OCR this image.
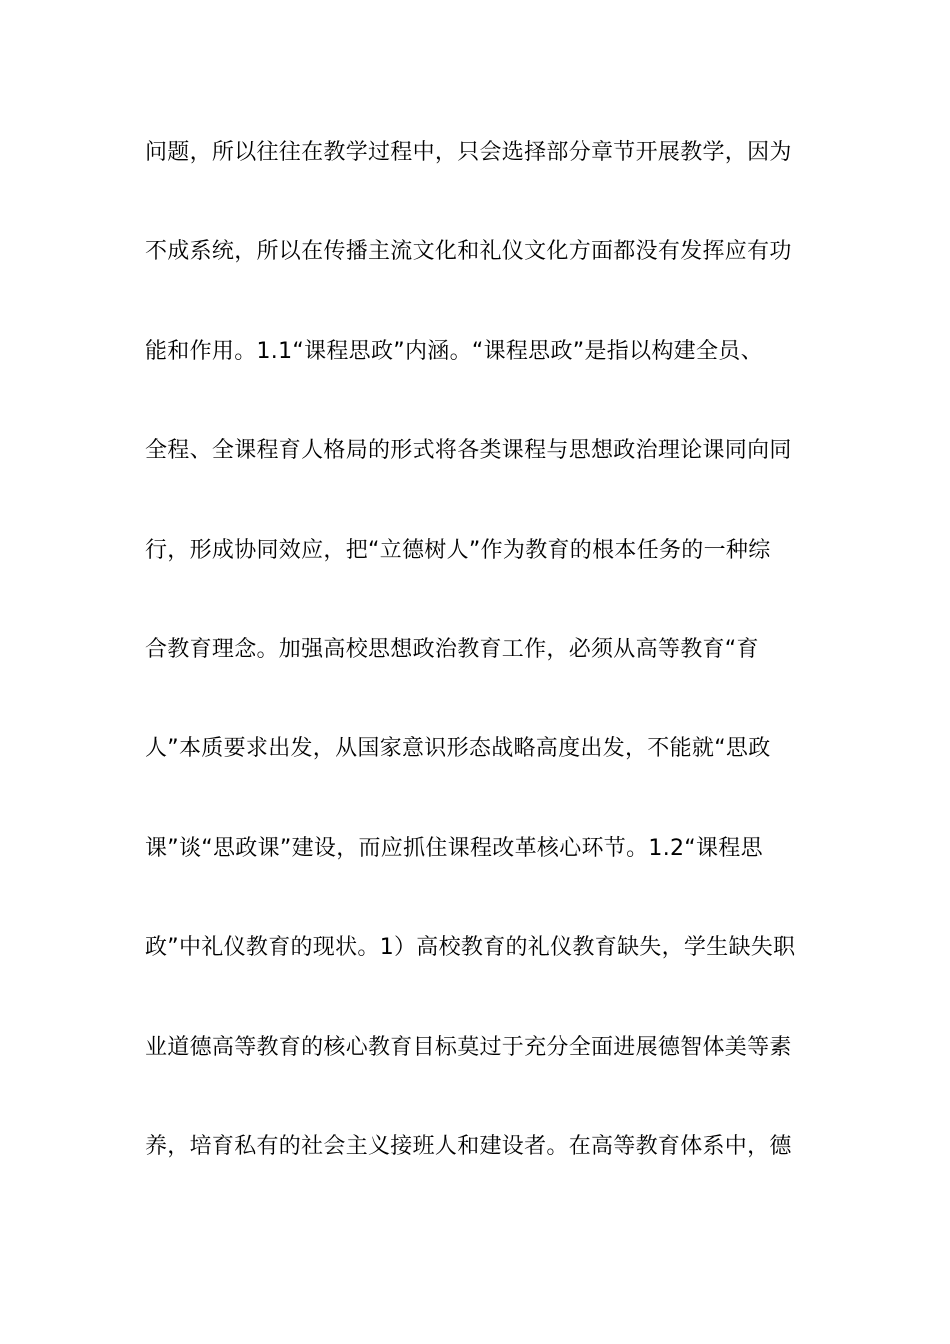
问题，所以往往在教学过程中，只会选择部分章节开展教学，因为
不成系统，所以在传播主流文化和礼仪文化方面都没有发挥应有功
能和作用。1.1“课程思政”内涵。“课程思政”是指以构建全员、
全程、全课程育人格局的形式将各类课程与思想政治理论课同向同
行，形成协同效应，把“立德树人”作为教育的根本任务的一种综
合教育理念。加强高校思想政治教育工作，必须从高等教育“育
人”本质要求出发，从国家意识形态战略高度出发，不能就“思政
课”谈“思政课”建设，而应抓住课程改革核心环节。1.2“课程思
政”中礼仪教育的现状。1）高校教育的礼仪教育缺失，学生缺失职
业道德高等教育的核心教育目标莫过于充分全面进展德智体美等素
养，培育私有的社会主义接班人和建设者。在高等教育体系中，德
